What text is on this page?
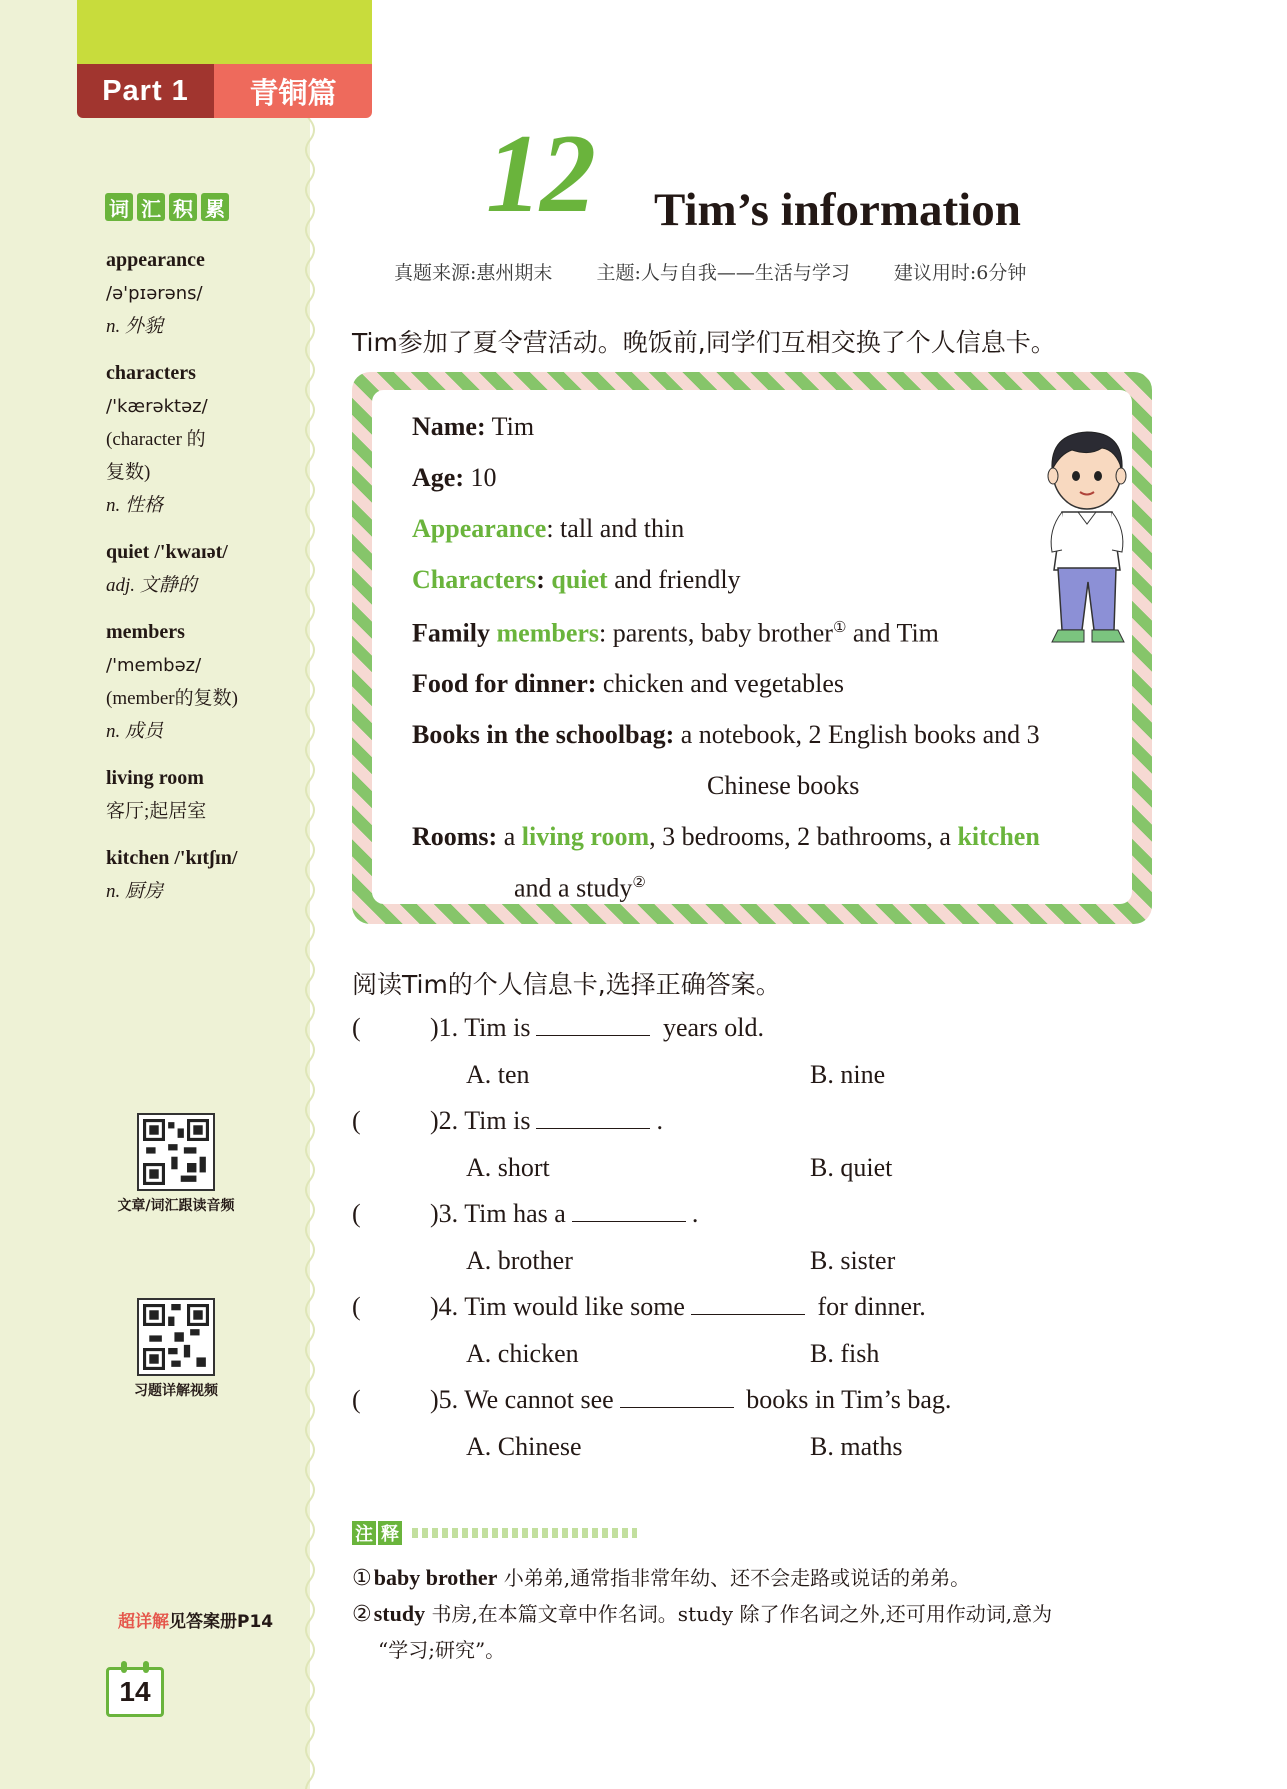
Part 1	青铜篇
词 汇 积 累
appearance
/ə'pɪərəns/
n. 外貌
characters
/'kærəktəz/
(character 的
复数)
n. 性格
quiet /'kwaɪət/
adj. 文静的
members
/'membəz/
(member的复数)
n. 成员
living room
客厅;起居室
kitchen /'kɪtʃɪn/
n. 厨房
文章/词汇跟读音频
习题详解视频
超详解见答案册P14
14
12 Tim’s information
真题来源:惠州期末 主题:人与自我——生活与学习 建议用时:6分钟
Tim参加了夏令营活动。晚饭前,同学们互相交换了个人信息卡。
Name: Tim
Age: 10
Appearance: tall and thin
Characters: quiet and friendly
Family members: parents, baby brother① and Tim
Food for dinner: chicken and vegetables
Books in the schoolbag: a notebook, 2 English books and 3
Chinese books
Rooms: a living room, 3 bedrooms, 2 bathrooms, a kitchen
and a study②
阅读Tim的个人信息卡,选择正确答案。
(	)1. Tim is	years old.
A. ten	B. nine
(	)2. Tim is	.
A. short	B. quiet
(	)3. Tim has a	.
A. brother	B. sister
(	)4. Tim would like some	for dinner.
A. chicken	B. fish
(	)5. We cannot see	books in Tim’s bag.
A. Chinese	B. maths
注 释
①baby brother 小弟弟,通常指非常年幼、还不会走路或说话的弟弟。
②study 书房,在本篇文章中作名词。study 除了作名词之外,还可用作动词,意为
“学习;研究”。
